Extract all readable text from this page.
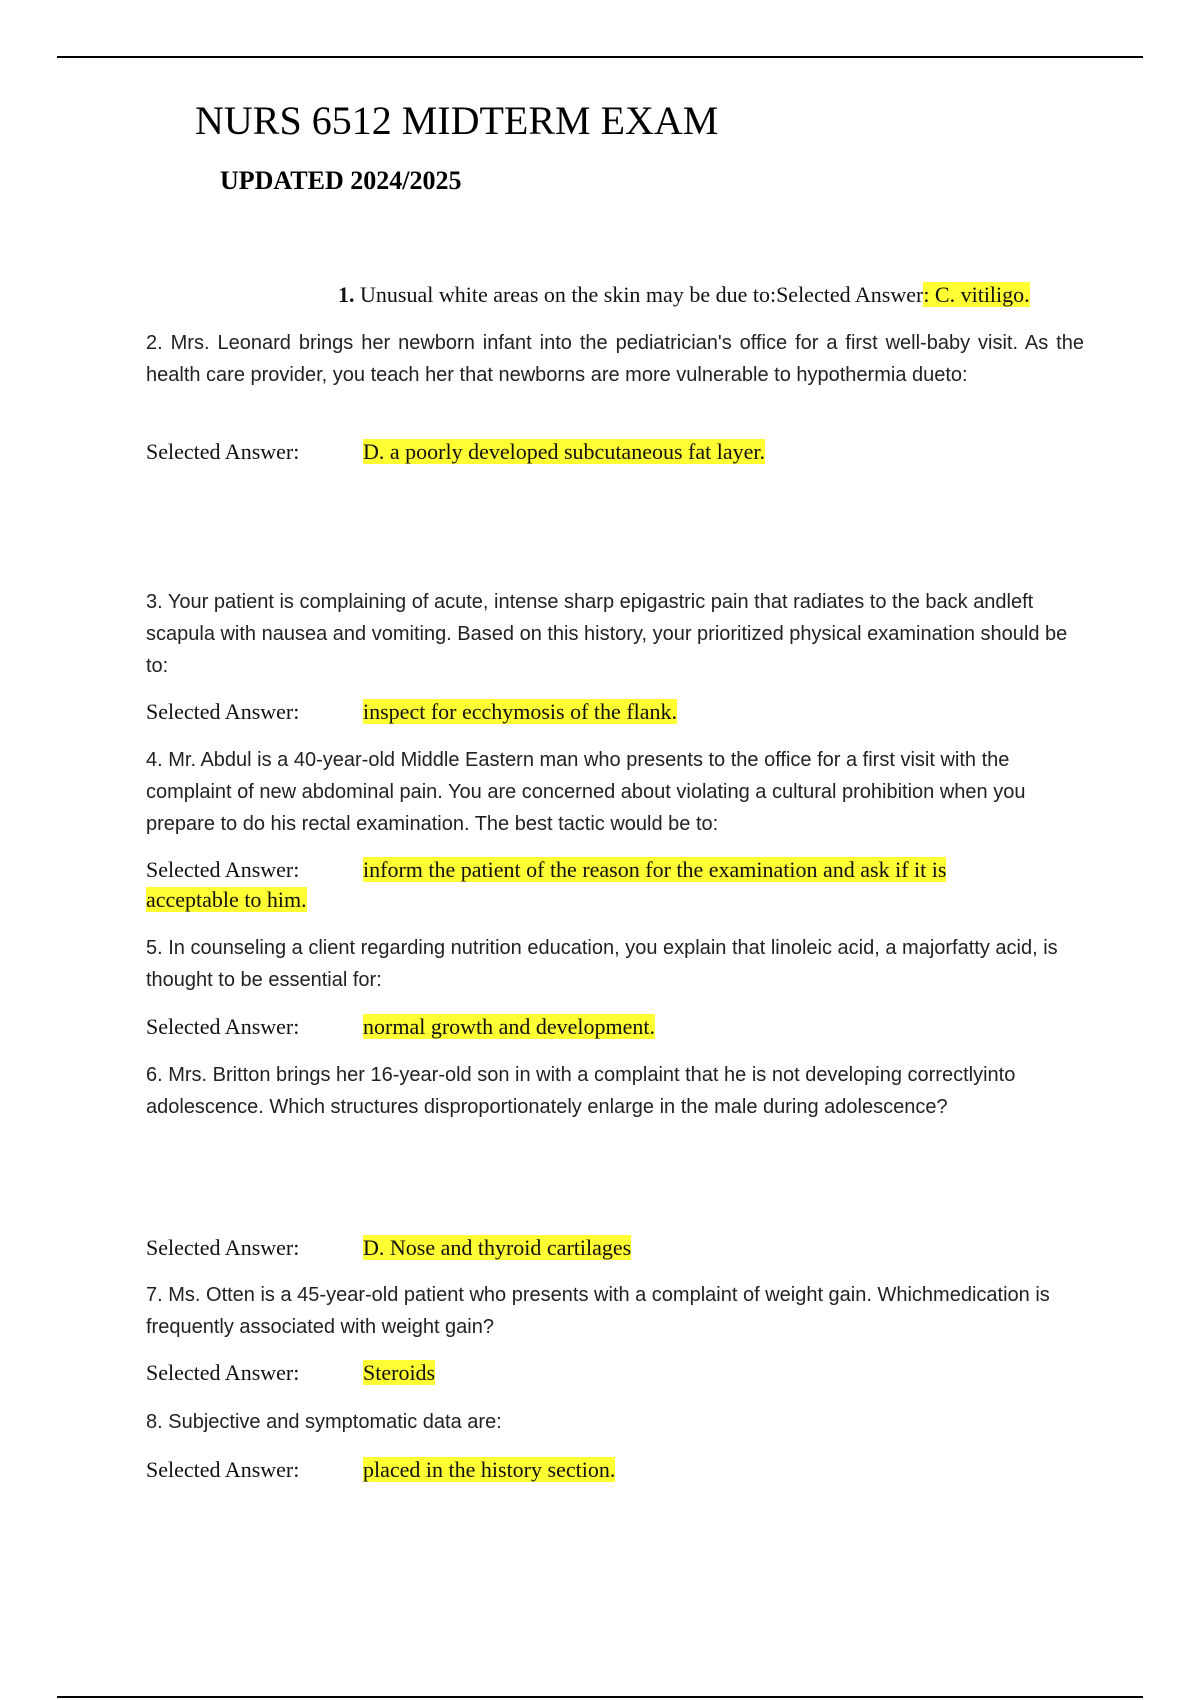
NURS 6512 MIDTERM EXAM
UPDATED 2024/2025
1. Unusual white areas on the skin may be due to:Selected Answer: C. vitiligo.
2. Mrs. Leonard brings her newborn infant into the pediatrician's office for a first well-baby visit. As the health care provider, you teach her that newborns are more vulnerable to hypothermia dueto:
Selected Answer:	D. a poorly developed subcutaneous fat layer.
3. Your patient is complaining of acute, intense sharp epigastric pain that radiates to the back andleft scapula with nausea and vomiting. Based on this history, your prioritized physical examination should be to:
Selected Answer:	inspect for ecchymosis of the flank.
4. Mr. Abdul is a 40-year-old Middle Eastern man who presents to the office for a first visit with the complaint of new abdominal pain. You are concerned about violating a cultural prohibition when you prepare to do his rectal examination. The best tactic would be to:
Selected Answer:	inform the patient of the reason for the examination and ask if it is
acceptable to him.
5. In counseling a client regarding nutrition education, you explain that linoleic acid, a majorfatty acid, is thought to be essential for:
Selected Answer:	normal growth and development.
6. Mrs. Britton brings her 16-year-old son in with a complaint that he is not developing correctlyinto adolescence. Which structures disproportionately enlarge in the male during adolescence?
Selected Answer:	D. Nose and thyroid cartilages
7. Ms. Otten is a 45-year-old patient who presents with a complaint of weight gain. Whichmedication is frequently associated with weight gain?
Selected Answer:	Steroids
8. Subjective and symptomatic data are:
Selected Answer:	placed in the history section.
